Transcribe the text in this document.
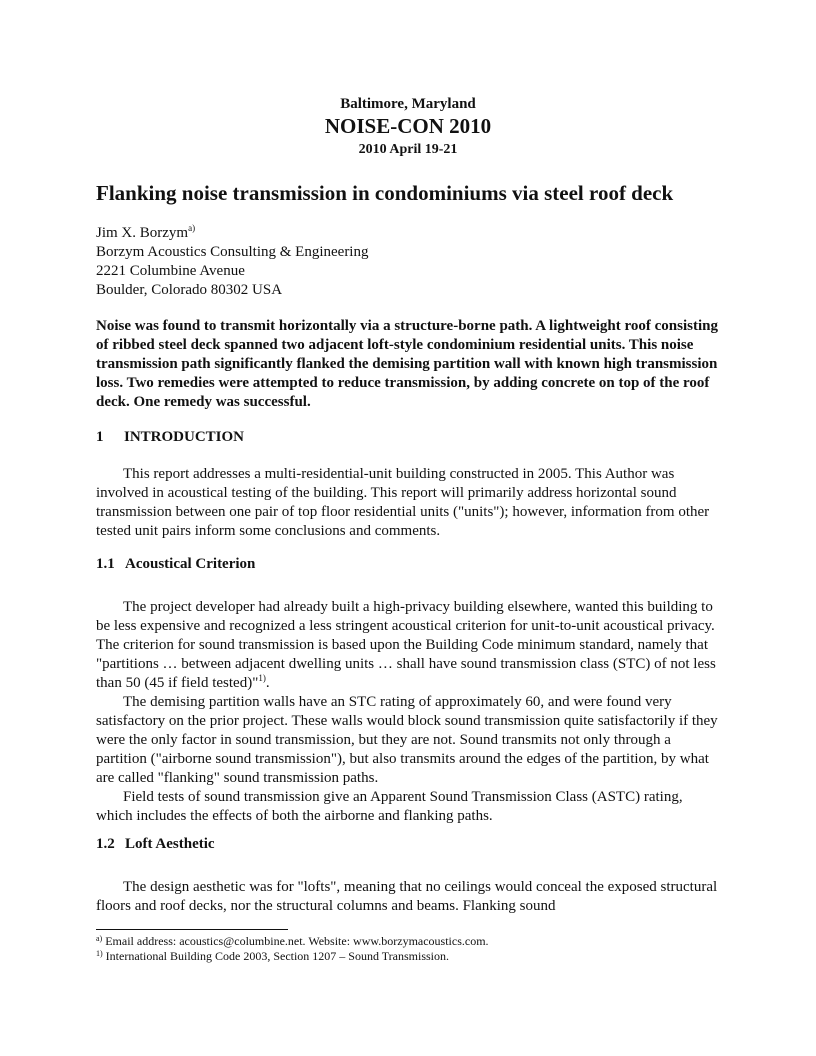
Baltimore, Maryland
NOISE-CON 2010
2010 April 19-21
Flanking noise transmission in condominiums via steel roof deck
Jim X. Borzym$^{a)}$
Borzym Acoustics Consulting & Engineering
2221 Columbine Avenue
Boulder, Colorado 80302 USA
Noise was found to transmit horizontally via a structure-borne path. A lightweight roof consisting of ribbed steel deck spanned two adjacent loft-style condominium residential units. This noise transmission path significantly flanked the demising partition wall with known high transmission loss. Two remedies were attempted to reduce transmission, by adding concrete on top of the roof deck. One remedy was successful.
1 INTRODUCTION

This report addresses a multi-residential-unit building constructed in 2005. This Author was involved in acoustical testing of the building. This report will primarily address horizontal sound transmission between one pair of top floor residential units ("units"); however, information from other tested unit pairs inform some conclusions and comments.

1.1 Acoustical Criterion

The project developer had already built a high-privacy building elsewhere, wanted this building to be less expensive and recognized a less stringent acoustical criterion for unit-to-unit acoustical privacy. The criterion for sound transmission is based upon the Building Code minimum standard, namely that "partitions … between adjacent dwelling units … shall have sound transmission class (STC) of not less than 50 (45 if field tested)"$^{1)}$.

The demising partition walls have an STC rating of approximately 60, and were found very satisfactory on the prior project. These walls would block sound transmission quite satisfactorily if they were the only factor in sound transmission, but they are not. Sound transmits not only through a partition ("airborne sound transmission"), but also transmits around the edges of the partition, by what are called "flanking" sound transmission paths.

Field tests of sound transmission give an Apparent Sound Transmission Class (ASTC) rating, which includes the effects of both the airborne and flanking paths.

1.2 Loft Aesthetic

The design aesthetic was for "lofts", meaning that no ceilings would conceal the exposed structural floors and roof decks, nor the structural columns and beams. Flanking sound

$^{a)}$ Email address: acoustics@columbine.net. Website: www.borzymacoustics.com.
$^{1)}$ International Building Code 2003, Section 1207 – Sound Transmission.
